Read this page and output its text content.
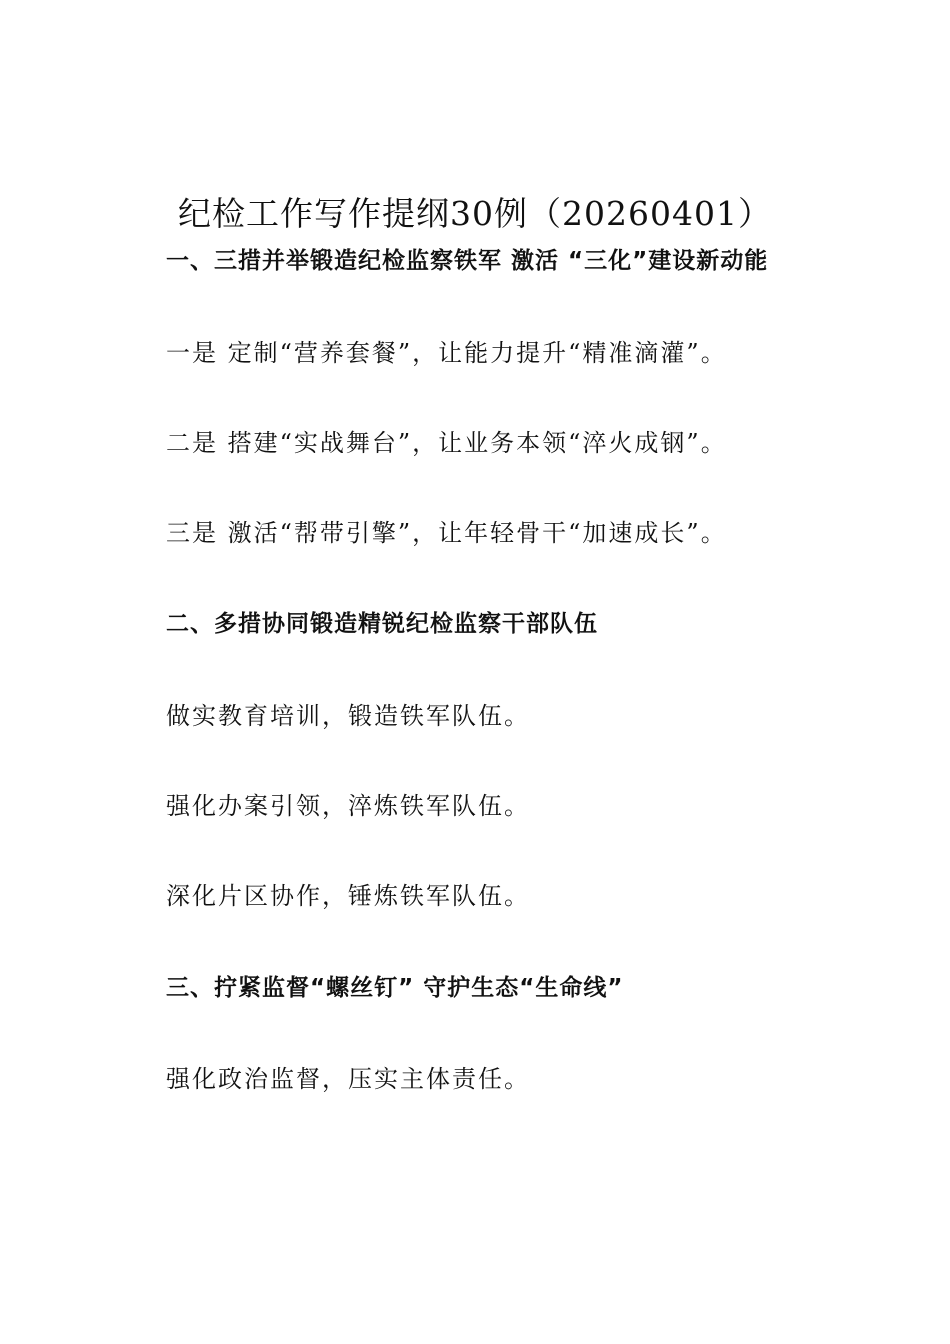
纪检工作写作提纲30例（20260401）
一、三措并举锻造纪检监察铁军 激活 “三化”建设新动能
一是 定制“营养套餐”，让能力提升“精准滴灌”。
二是 搭建“实战舞台”，让业务本领“淬火成钢”。
三是 激活“帮带引擎”，让年轻骨干“加速成长”。
二、多措协同锻造精锐纪检监察干部队伍
做实教育培训，锻造铁军队伍。
强化办案引领，淬炼铁军队伍。
深化片区协作，锤炼铁军队伍。
三、拧紧监督“螺丝钉” 守护生态“生命线”
强化政治监督，压实主体责任。
